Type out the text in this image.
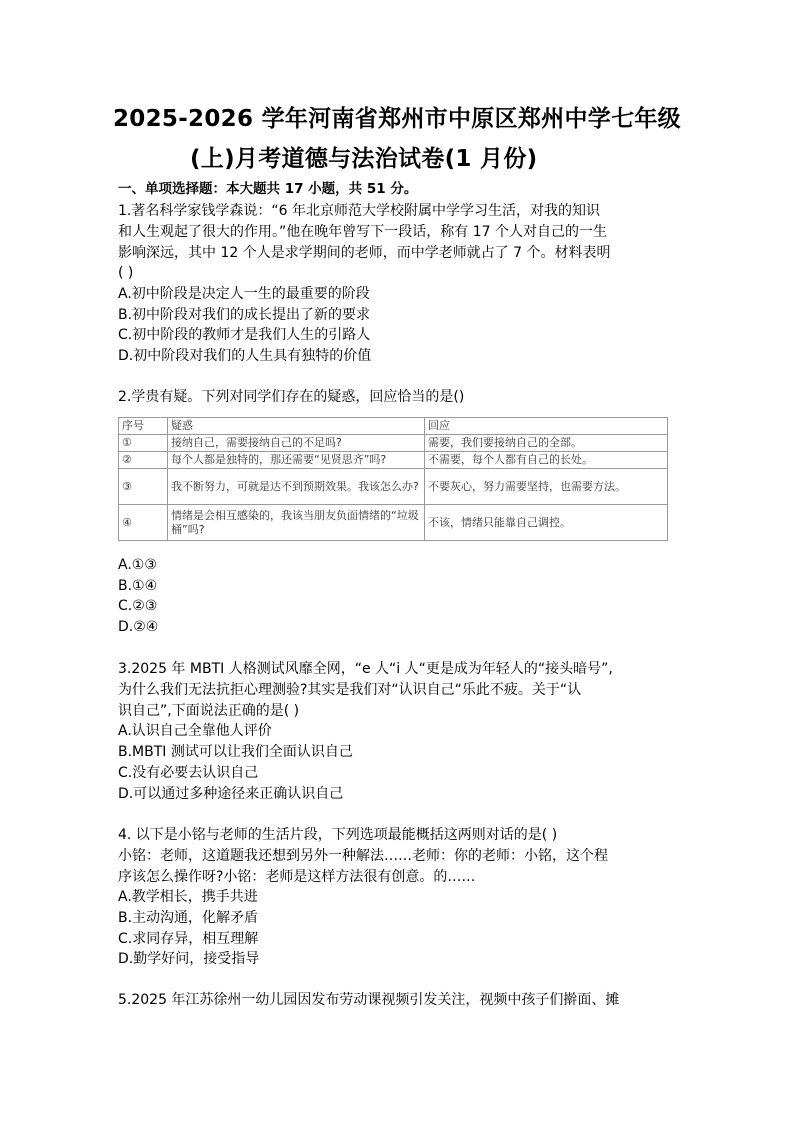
2025-2026 学年河南省郑州市中原区郑州中学七年级
(上)月考道德与法治试卷(1 月份)
一、单项选择题：本大题共 17 小题，共 51 分。
1.著名科学家钱学森说：“6 年北京师范大学校附属中学学习生活，对我的知识
和人生观起了很大的作用。”他在晚年曾写下一段话，称有 17 个人对自己的一生
影响深远，其中 12 个人是求学期间的老师，而中学老师就占了 7 个。材料表明
( )
A.初中阶段是决定人一生的最重要的阶段
B.初中阶段对我们的成长提出了新的要求
C.初中阶段的教师才是我们人生的引路人
D.初中阶段对我们的人生具有独特的价值
2.学贵有疑。下列对同学们存在的疑惑，回应恰当的是()
序号	疑惑	回应
①	接纳自己，需要接纳自己的不足吗?	需要，我们要接纳自己的全部。
②	每个人都是独特的，那还需要“见贤思齐”吗?	不需要，每个人都有自己的长处。
③	我不断努力，可就是达不到预期效果。我该怎么办?	不要灰心，努力需要坚持，也需要方法。
④	情绪是会相互感染的，我该当朋友负面情绪的“垃圾桶”吗?	不该，情绪只能靠自己调控。
A.①③
B.①④
C.②③
D.②④
3.2025 年 MBTI 人格测试风靡全网，“e 人“i 人“更是成为年轻人的“接头暗号”,
为什么我们无法抗拒心理测验?其实是我们对“认识自己“乐此不疲。关于“认
识自己”,下面说法正确的是( )
A.认识自己全靠他人评价
B.MBTI 测试可以让我们全面认识自己
C.没有必要去认识自己
D.可以通过多种途径来正确认识自己
4. 以下是小铭与老师的生活片段，下列选项最能概括这两则对话的是( )
小铭：老师，这道题我还想到另外一种解法……老师：你的老师：小铭，这个程
序该怎么操作呀?小铭：老师是这样方法很有创意。的……
A.教学相长，携手共进
B.主动沟通，化解矛盾
C.求同存异，相互理解
D.勤学好问，接受指导
5.2025 年江苏徐州一幼儿园因发布劳动课视频引发关注，视频中孩子们擀面、摊
